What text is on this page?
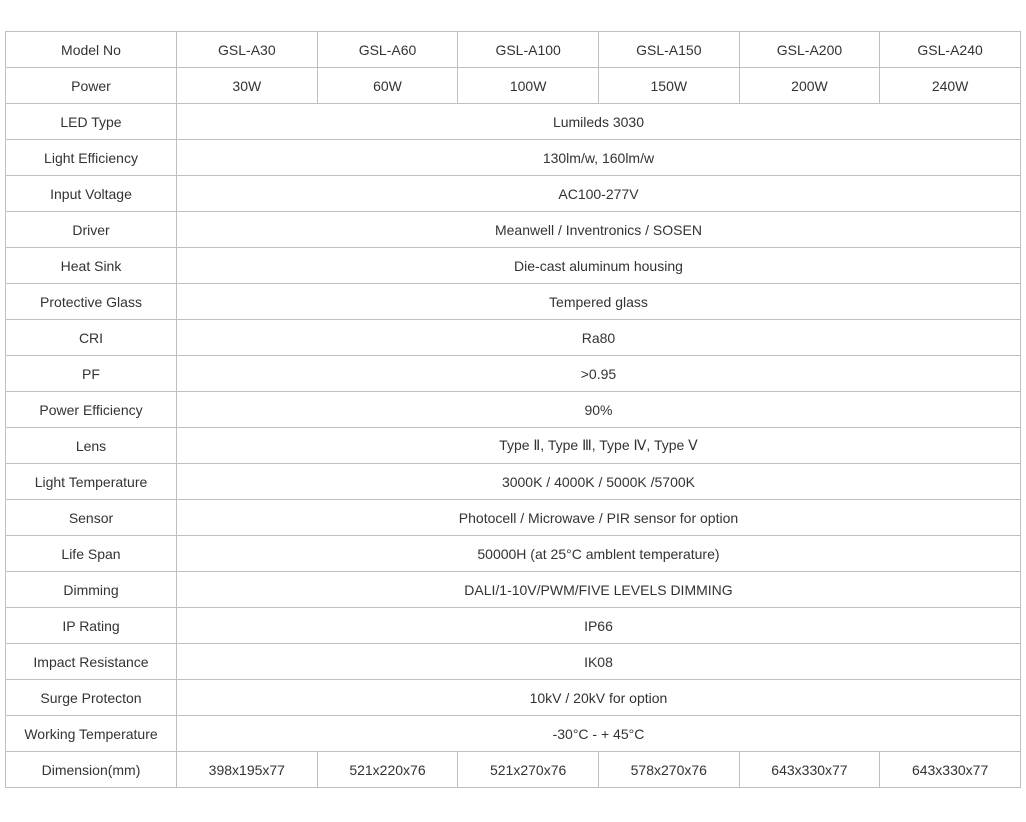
Model No	GSL-A30	GSL-A60	GSL-A100	GSL-A150	GSL-A200	GSL-A240
Power	30W	60W	100W	150W	200W	240W
LED Type	Lumileds 3030					
Light Efficiency	130lm/w, 160lm/w					
Input Voltage	AC100-277V					
Driver	Meanwell / Inventronics / SOSEN					
Heat Sink	Die-cast aluminum housing					
Protective Glass	Tempered glass					
CRI	Ra80					
PF	>0.95					
Power Efficiency	90%					
Lens	Type Ⅱ, Type Ⅲ, Type Ⅳ, Type Ⅴ					
Light Temperature	3000K / 4000K / 5000K /5700K					
Sensor	Photocell / Microwave / PIR sensor for option					
Life Span	50000H (at 25°C amblent temperature)					
Dimming	DALI/1-10V/PWM/FIVE LEVELS DIMMING					
IP Rating	IP66					
Impact Resistance	IK08					
Surge Protecton	10kV / 20kV for option					
Working Temperature	-30°C - + 45°C					
Dimension(mm)	398x195x77	521x220x76	521x270x76	578x270x76	643x330x77	643x330x77
